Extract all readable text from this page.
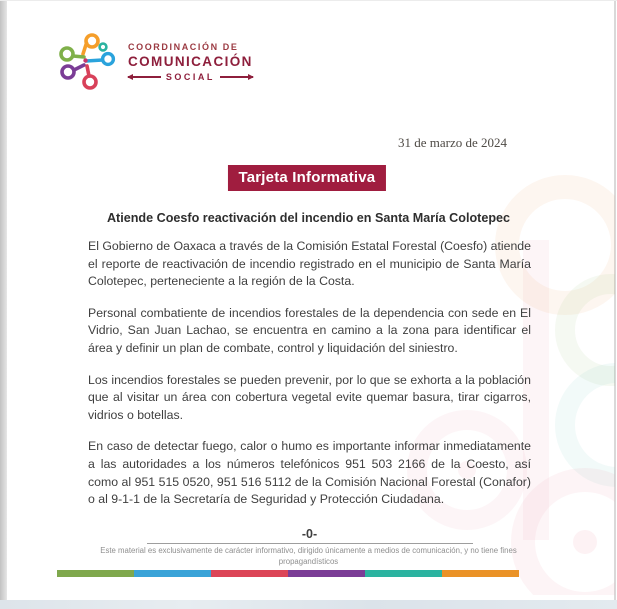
COORDINACIÓN DE
COMUNICACIÓN
SOCIAL
31 de marzo de 2024
Tarjeta Informativa
Atiende Coesfo reactivación del incendio en Santa María Colotepec

El Gobierno de Oaxaca a través de la Comisión Estatal Forestal (Coesfo) atiende el reporte de reactivación de incendio registrado en el municipio de Santa María Colotepec, perteneciente a la región de la Costa.

Personal combatiente de incendios forestales de la dependencia con sede en El Vidrio, San Juan Lachao, se encuentra en camino a la zona para identificar el área y definir un plan de combate, control y liquidación del siniestro.

Los incendios forestales se pueden prevenir, por lo que se exhorta a la población que al visitar un área con cobertura vegetal evite quemar basura, tirar cigarros, vidrios o botellas.

En caso de detectar fuego, calor o humo es importante informar inmediatamente a las autoridades a los números telefónicos 951 503 2166 de la Coesto, así como al 951 515 0520, 951 516 5112 de la Comisión Nacional Forestal (Conafor) o al 9-1-1 de la Secretaría de Seguridad y Protección Ciudadana.

-0-
Este material es exclusivamente de carácter informativo, dirigido únicamente a medios de comunicación, y no tiene fines
propagandísticos
